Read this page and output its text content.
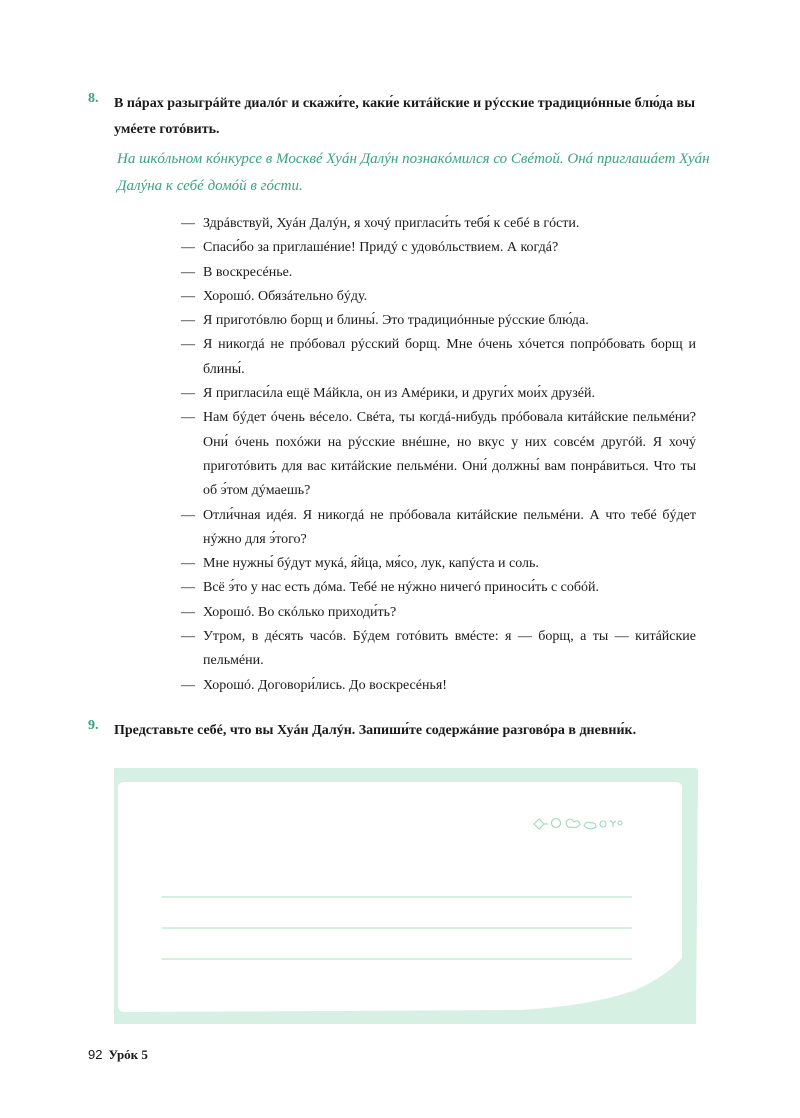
8. В пáрах разыгрáйте диалóг и скажи́те, каки́е китáйские и рýсские традициóнные блю́да вы умéете готóвить.
На шкóльном кóнкурсе в Москвé Хуáн Далýн познакóмился со Свéтой. Онá приглашáет Хуáн Далýна к себé домóй в гóсти.
— Здрáвствуй, Хуáн Далýн, я хочý пригласи́ть тебя́ к себé в гóсти.
— Спаси́бо за приглашéние! Придý с удовóльствием. А когдá?
— В воскресéнье.
— Хорошó. Обязáтельно бýду.
— Я приготóвлю борщ и блины́. Это традициóнные рýсские блю́да.
— Я никогдá не прóбовал рýсский борщ. Мне óчень хóчется попрóбовать борщ и блины́.
— Я пригласи́ла ещё Мáйкла, он из Амéрики, и други́х мои́х друзéй.
— Нам бýдет óчень вéсело. Свéта, ты когдá-нибудь прóбовала китáйские пельмéни? Они́ óчень похóжи на рýсские внéшне, но вкус у них совсéм другóй. Я хочý приготóвить для вас китáйские пельмéни. Они́ должны́ вам понрáвиться. Что ты об э́том дýмаешь?
— Отли́чная идéя. Я никогдá не прóбовала китáйские пельмéни. А что тебé бýдет нýжно для э́того?
— Мне нужны́ бýдут мукá, я́йца, мя́со, лук, капýста и соль.
— Всё э́то у нас есть дóма. Тебé не нýжно ничегó приноси́ть с собóй.
— Хорошó. Во скóлько приходи́ть?
— Утром, в дéсять часóв. Бýдем готóвить вмéсте: я — борщ, а ты — китáйские пельмéни.
— Хорошó. Договори́лись. До воскресéнья!
9. Представьте себé, что вы Хуáн Далýн. Запиши́те содержáние разговóра в дневни́к.
92 Урóк 5
